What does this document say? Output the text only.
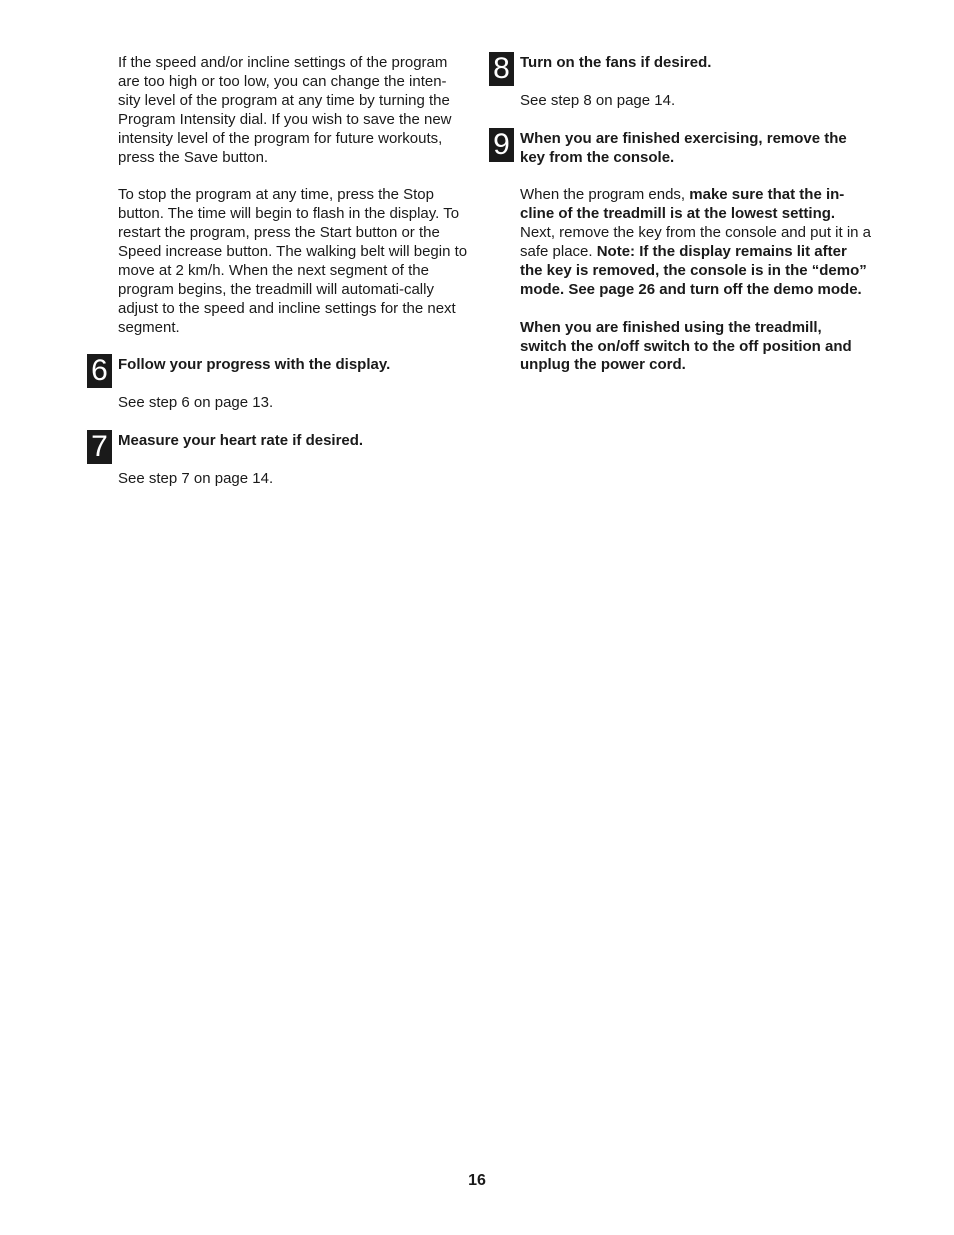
If the speed and/or incline settings of the program are too high or too low, you can change the inten-sity level of the program at any time by turning the Program Intensity dial. If you wish to save the new intensity level of the program for future workouts, press the Save button.

To stop the program at any time, press the Stop button. The time will begin to flash in the display. To restart the program, press the Start button or the Speed increase button. The walking belt will begin to move at 2 km/h. When the next segment of the program begins, the treadmill will automati-cally adjust to the speed and incline settings for the next segment.

6 Follow your progress with the display.

See step 6 on page 13.

7 Measure your heart rate if desired.

See step 7 on page 14.

8 Turn on the fans if desired.

See step 8 on page 14.

9 When you are finished exercising, remove the key from the console.

When the program ends, make sure that the in-cline of the treadmill is at the lowest setting. Next, remove the key from the console and put it in a safe place. Note: If the display remains lit after the key is removed, the console is in the “demo” mode. See page 26 and turn off the demo mode.

When you are finished using the treadmill, switch the on/off switch to the off position and unplug the power cord.

16
